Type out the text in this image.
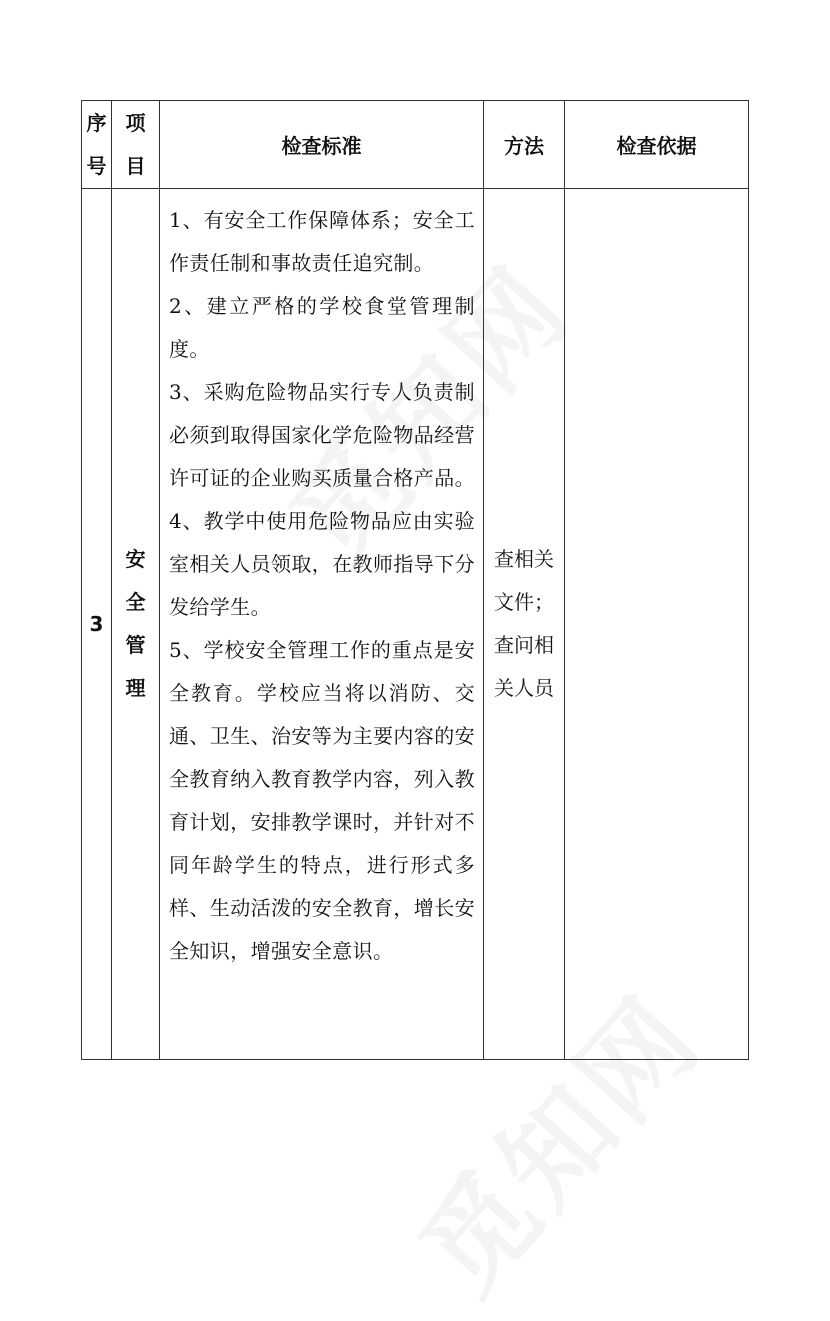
序号	项目	检查标准	方法	检查依据
3	安全管理	1、有安全工作保障体系；安全工作责任制和事故责任追究制。

2、建立严格的学校食堂管理制度。

3、采购危险物品实行专人负责制必须到取得国家化学危险物品经营许可证的企业购买质量合格产品。

4、教学中使用危险物品应由实验室相关人员领取，在教师指导下分发给学生。

5、学校安全管理工作的重点是安全教育。学校应当将以消防、交通、卫生、治安等为主要内容的安全教育纳入教育教学内容，列入教育计划，安排教学课时，并针对不同年龄学生的特点，进行形式多样、生动活泼的安全教育，增长安全知识，增强安全意识。	查相关文件；查问相关人员	
